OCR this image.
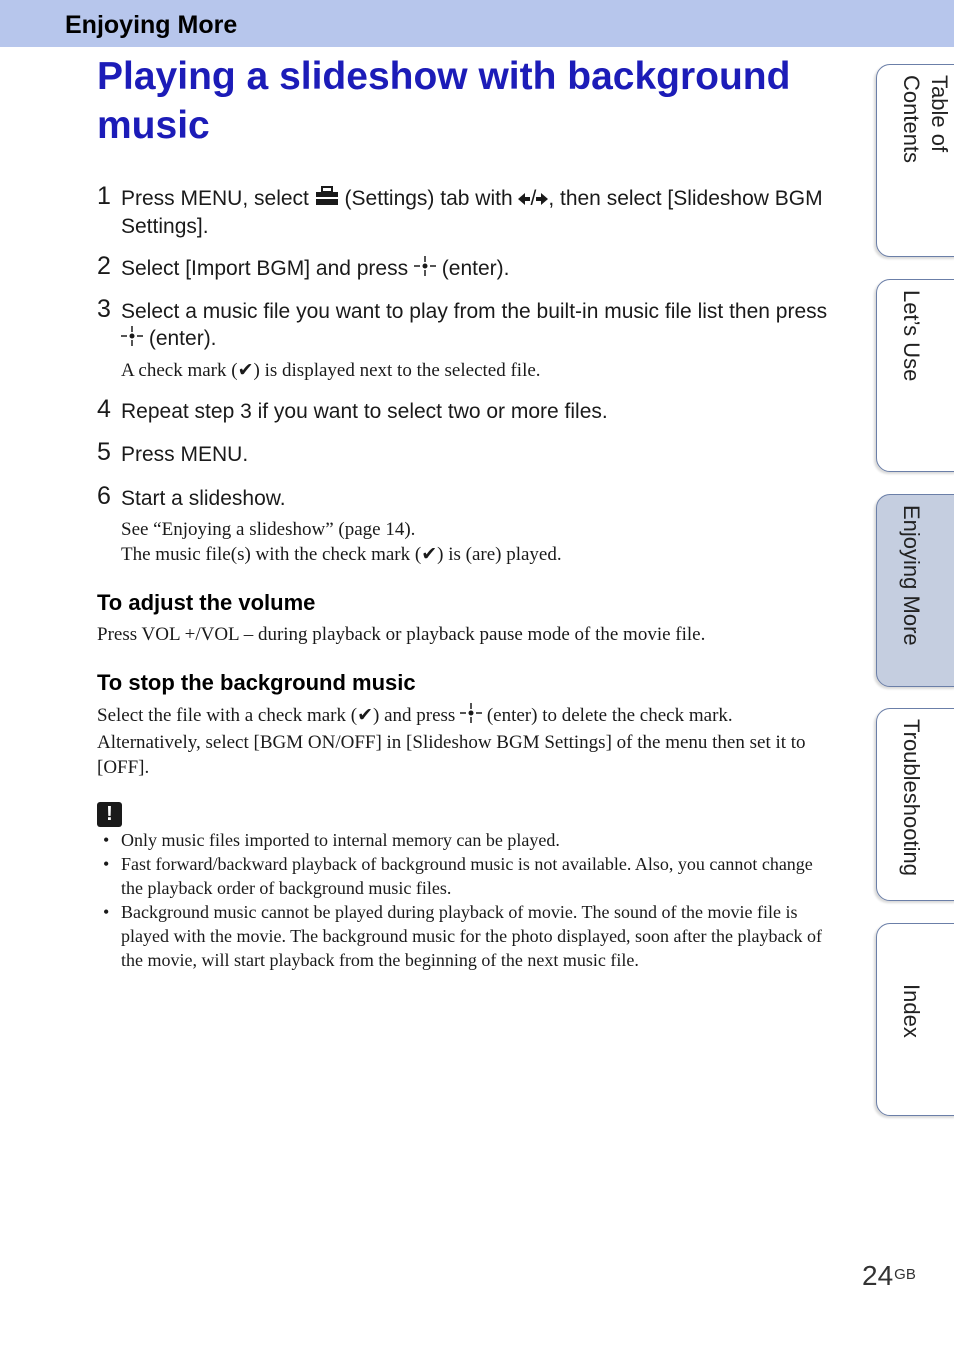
Enjoying More
Playing a slideshow with background music
1 Press MENU, select  (Settings) tab with / , then select [Slideshow BGM Settings].
2 Select [Import BGM] and press  (enter).
3 Select a music file you want to play from the built-in music file list then press  (enter).
A check mark (✔) is displayed next to the selected file.
4 Repeat step 3 if you want to select two or more files.
5 Press MENU.
6 Start a slideshow.
See “Enjoying a slideshow” (page 14).
The music file(s) with the check mark (✔) is (are) played.
To adjust the volume
Press VOL +/VOL – during playback or playback pause mode of the movie file.
To stop the background music
Select the file with a check mark (✔) and press  (enter) to delete the check mark. Alternatively, select [BGM ON/OFF] in [Slideshow BGM Settings] of the menu then set it to [OFF].
!
• Only music files imported to internal memory can be played.
• Fast forward/backward playback of background music is not available. Also, you cannot change the playback order of background music files.
• Background music cannot be played during playback of movie. The sound of the movie file is played with the movie. The background music for the photo displayed, soon after the playback of the movie, will start playback from the beginning of the next music file.
Table of
Contents
Let’s Use
Enjoying More
Troubleshooting
Index
$24^{GB}$
